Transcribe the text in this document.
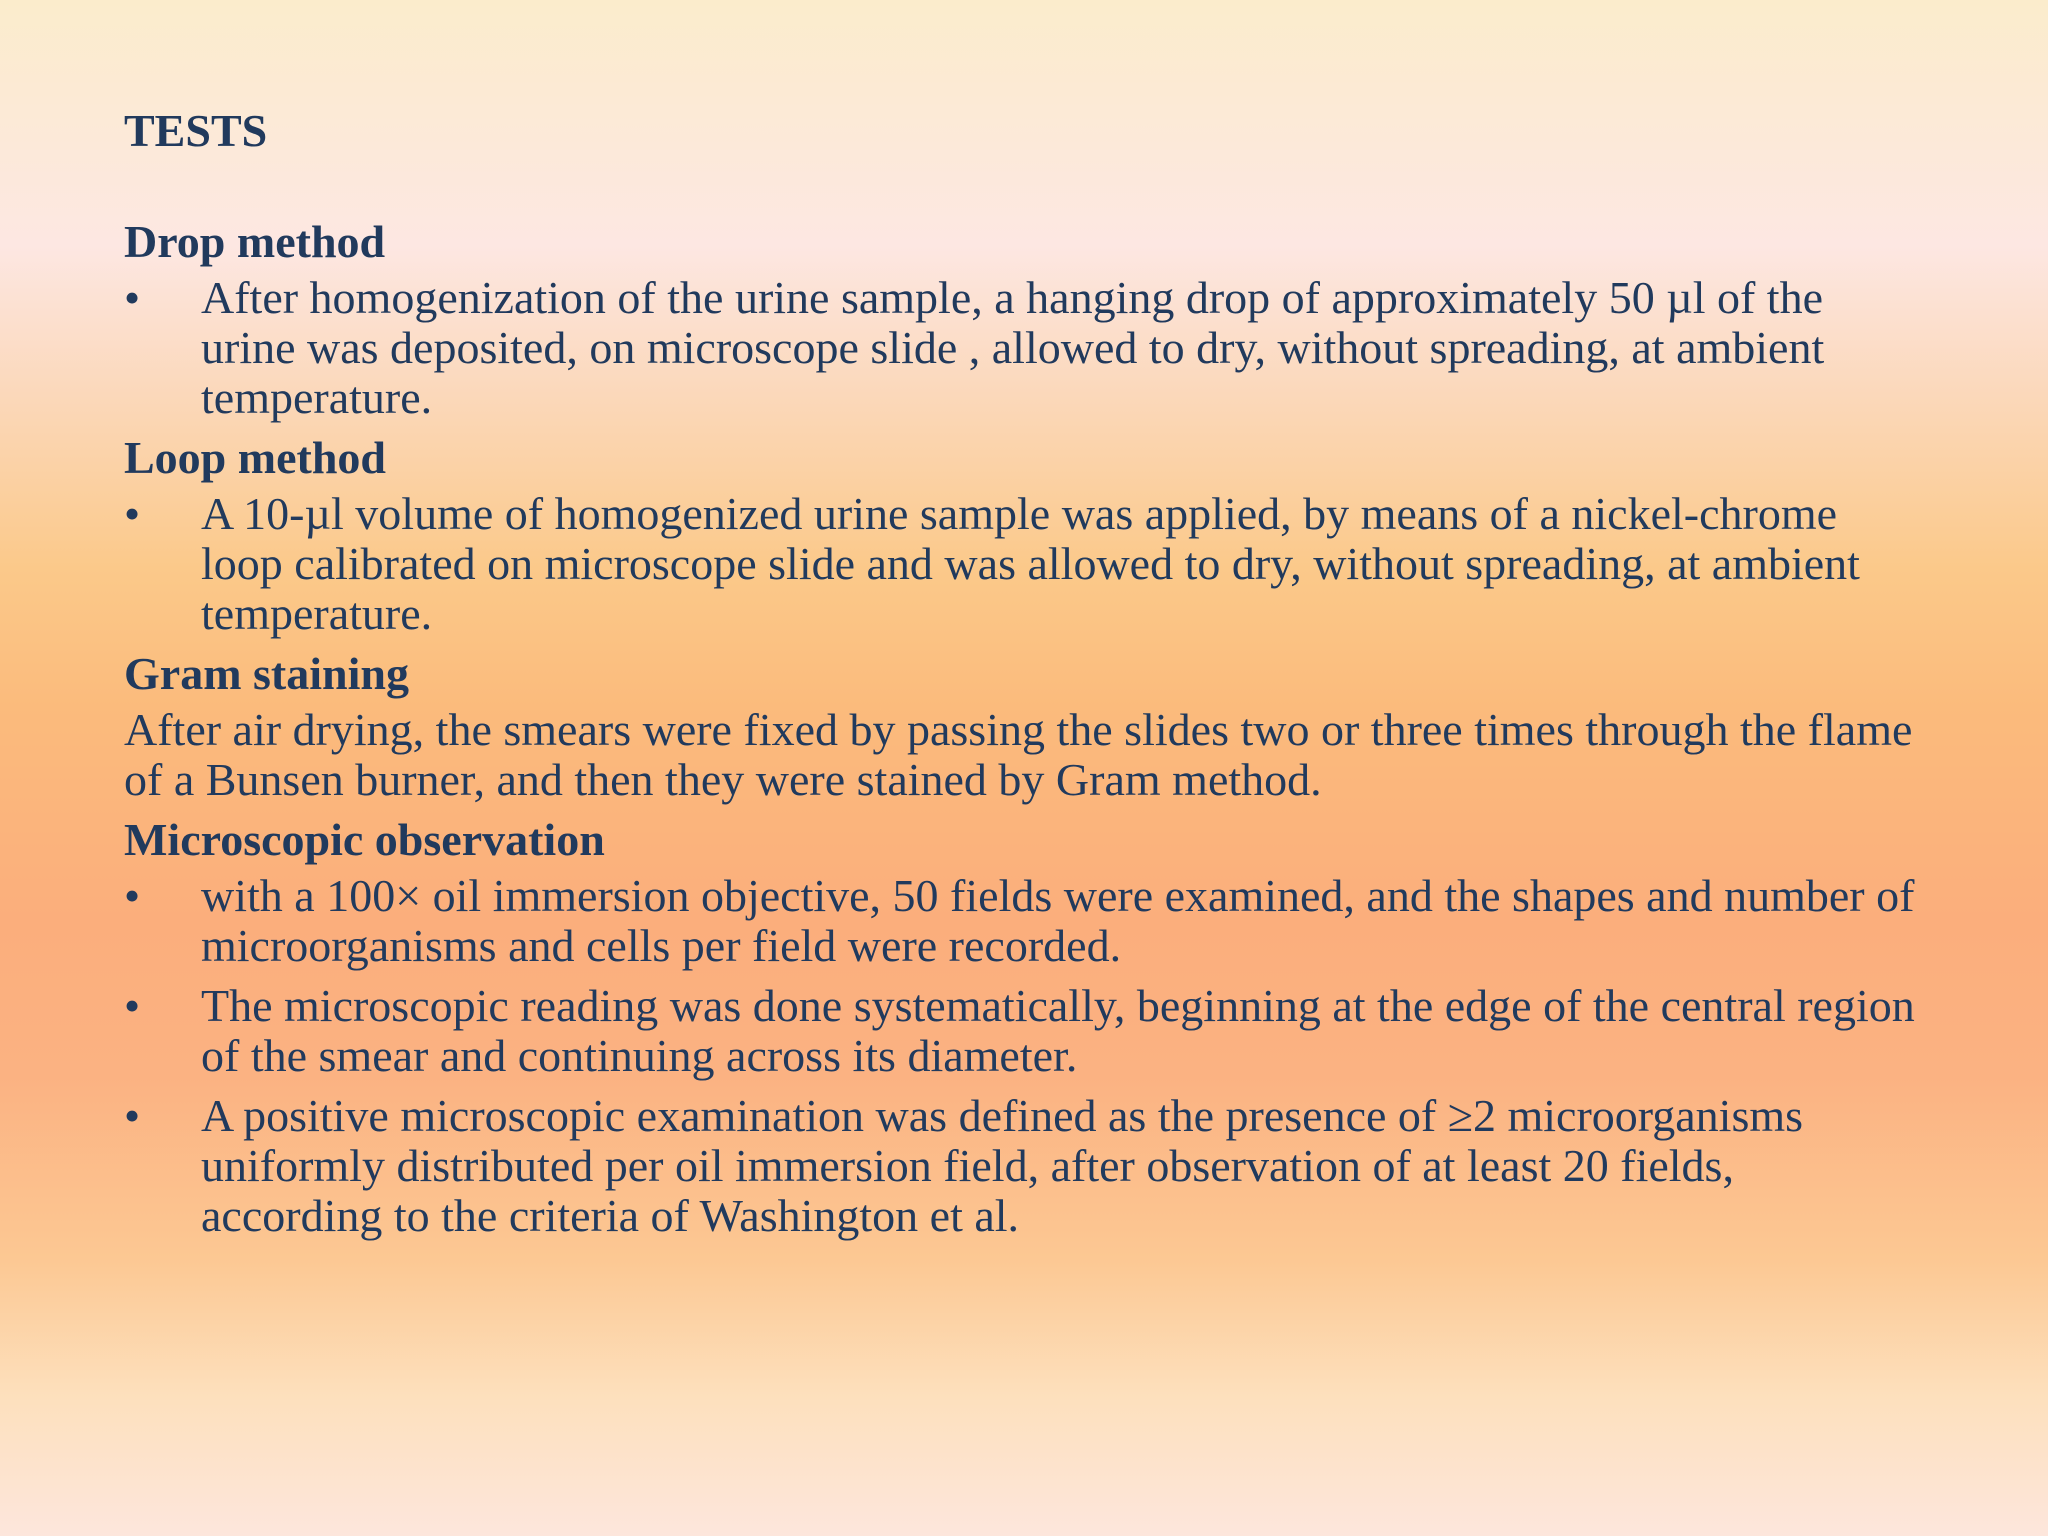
TESTS
Drop method
•	After homogenization of the urine sample, a hanging drop of approximately 50 µl of the urine was deposited, on microscope slide , allowed to dry, without spreading, at ambient temperature.
Loop method
•	A 10-µl volume of homogenized urine sample was applied, by means of a nickel-chrome loop calibrated on microscope slide and was allowed to dry, without spreading, at ambient temperature.
Gram staining
After air drying, the smears were fixed by passing the slides two or three times through the flame of a Bunsen burner, and then they were stained by Gram method.
Microscopic observation
•	with a 100× oil immersion objective, 50 fields were examined, and the shapes and number of microorganisms and cells per field were recorded.
•	The microscopic reading was done systematically, beginning at the edge of the central region of the smear and continuing across its diameter.
•	A positive microscopic examination was defined as the presence of ≥2 microorganisms uniformly distributed per oil immersion field, after observation of at least 20 fields, according to the criteria of Washington et al.
